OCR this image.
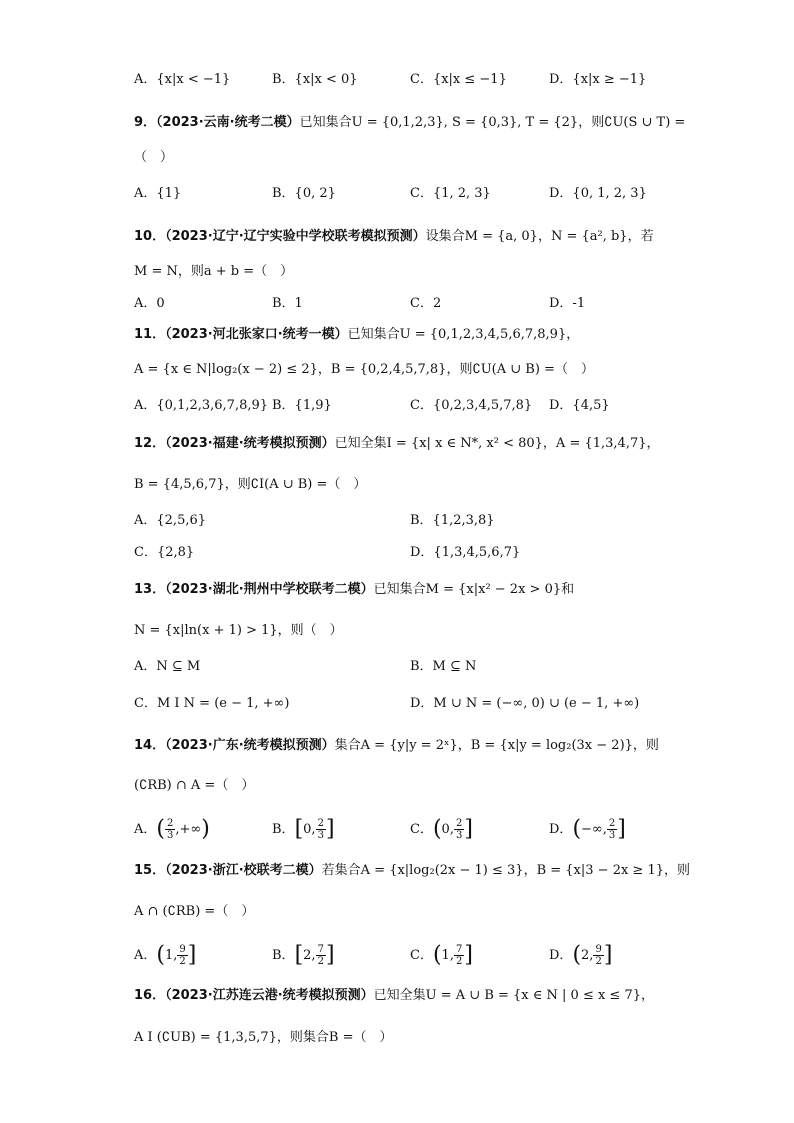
A．{x|x < −1}	B．{x|x < 0}	C．{x|x ≤ −1}	D．{x|x ≥ −1}
9．（2023·云南·统考二模）已知集合U = {0,1,2,3}, S = {0,3}, T = {2}，则∁U(S ∪ T) =
（　）
A．{1}	B．{0, 2}	C．{1, 2, 3}	D．{0, 1, 2, 3}
10．（2023·辽宁·辽宁实验中学校联考模拟预测）设集合M = {a, 0}，N = {a², b}，若
M = N，则a + b =（　）
A．0	B．1	C．2	D．-1
11．（2023·河北张家口·统考一模）已知集合U = {0,1,2,3,4,5,6,7,8,9}，
A = {x ∈ N|log₂(x − 2) ≤ 2}，B = {0,2,4,5,7,8}，则∁U(A ∪ B) =（　）
A．{0,1,2,3,6,7,8,9} B．{1,9}	C．{0,2,3,4,5,7,8} D．{4,5}
12．（2023·福建·统考模拟预测）已知全集I = {x| x ∈ N*, x² < 80}，A = {1,3,4,7}，
B = {4,5,6,7}，则∁I(A ∪ B) =（　）
A．{2,5,6}	B．{1,2,3,8}
C．{2,8}	D．{1,3,4,5,6,7}
13．（2023·湖北·荆州中学校联考二模）已知集合M = {x|x² − 2x > 0}和
N = {x|ln(x + 1) > 1}，则（　）
A．N ⊆ M	B．M ⊆ N
C．M I N = (e − 1, +∞)	D．M ∪ N = (−∞, 0) ∪ (e − 1, +∞)
14．（2023·广东·统考模拟预测）集合A = {y|y = 2ˣ}，B = {x|y = log₂(3x − 2)}，则
(∁RB) ∩ A =（　）
A．( $\frac{2}{3}$ ,+∞)	B．[0, $\frac{2}{3}$ ]	C．(0, $\frac{2}{3}$ ]	D．(−∞, $\frac{2}{3}$ ]
15．（2023·浙江·校联考二模）若集合A = {x|log₂(2x − 1) ≤ 3}，B = {x|3 − 2x ≥ 1}，则
A ∩ (∁RB) =（　）
A．(1, $\frac{9}{2}$ ]	B．[2, $\frac{7}{2}$ ]	C．(1, $\frac{7}{2}$ ]	D．(2, $\frac{9}{2}$ ]
16．（2023·江苏连云港·统考模拟预测）已知全集U = A ∪ B = {x ∈ N | 0 ≤ x ≤ 7}，
A I (∁UB) = {1,3,5,7}，则集合B =（　）
